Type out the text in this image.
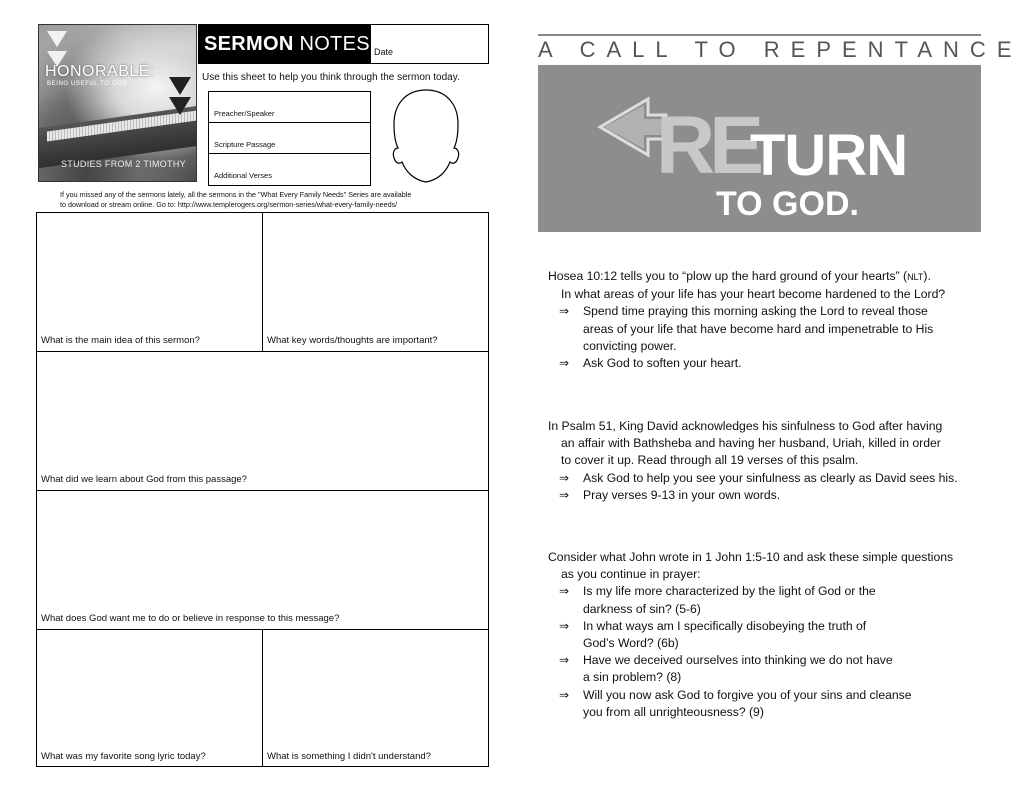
HONORABLE:
BEING USEFUL TO GOD
STUDIES FROM 2 TIMOTHY
SERMON NOTES Date
Use this sheet to help you think through the sermon today.
Preacher/Speaker
Scripture Passage
Additional Verses
If you missed any of the sermons lately, all the sermons in the "What Every Family Needs" Series are available
to download or stream online. Go to: http://www.templerogers.org/sermon-series/what-every-family-needs/
What is the main idea of this sermon?	What key words/thoughts are important?
What did we learn about God from this passage?
What does God want me to do or believe in response to this message?
What was my favorite song lyric today?	What is something I didn't understand?
A CALL TO REPENTANCE
RE
TURN
TO GOD.
Hosea 10:12 tells you to “plow up the hard ground of your hearts” (NLT).
In what areas of your life has your heart become hardened to the Lord?
⇒	Spend time praying this morning asking the Lord to reveal those
areas of your life that have become hard and impenetrable to His
convicting power.
⇒	Ask God to soften your heart.
In Psalm 51, King David acknowledges his sinfulness to God after having
an affair with Bathsheba and having her husband, Uriah, killed in order
to cover it up. Read through all 19 verses of this psalm.
⇒	Ask God to help you see your sinfulness as clearly as David sees his.
⇒	Pray verses 9-13 in your own words.
Consider what John wrote in 1 John 1:5-10 and ask these simple questions
as you continue in prayer:
⇒	Is my life more characterized by the light of God or the
darkness of sin? (5-6)
⇒	In what ways am I specifically disobeying the truth of
God’s Word? (6b)
⇒	Have we deceived ourselves into thinking we do not have
a sin problem? (8)
⇒	Will you now ask God to forgive you of your sins and cleanse
you from all unrighteousness? (9)
